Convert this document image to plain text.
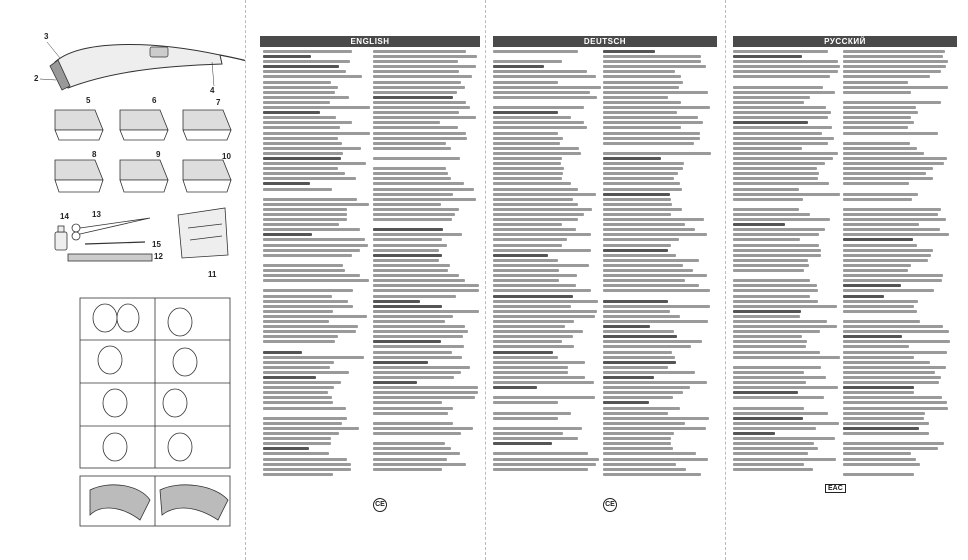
3
2
4
5	6	7
8	9	10
14	13
15
12
11
ENGLISH
CE
DEUTSCH
CE
РУССКИЙ
EAC
